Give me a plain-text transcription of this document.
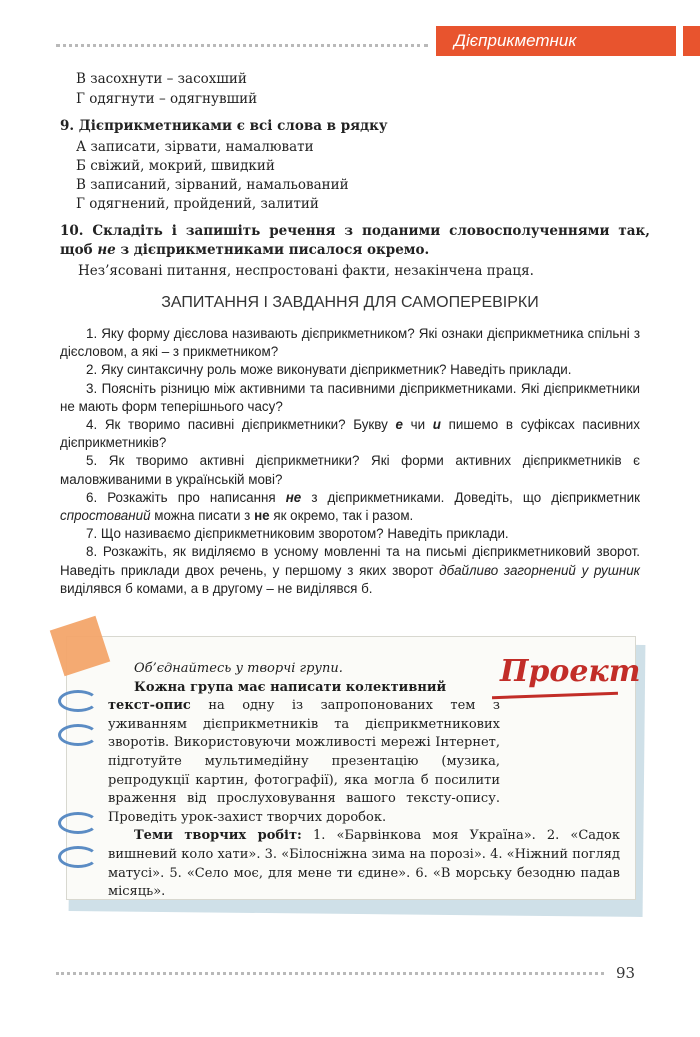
Дієприкметник
В засохнути – засохший
Г одягнути – одягнувший
9. Дієприкметниками є всі слова в рядку
А записати, зірвати, намалювати
Б свіжий, мокрий, швидкий
В записаний, зірваний, намальований
Г одягнений, пройдений, залитий
10. Складіть і запишіть речення з поданими словосполученнями так, щоб не з дієприкметниками писалося окремо.
Нез’ясовані питання, неспростовані факти, незакінчена праця.
ЗАПИТАННЯ І ЗАВДАННЯ ДЛЯ САМОПЕРЕВІРКИ

1. Яку форму дієслова називають дієприкметником? Які ознаки дієприкметника спільні з дієсловом, а які – з прикметником?

2. Яку синтаксичну роль може виконувати дієприкметник? Наведіть приклади.

3. Поясніть різницю між активними та пасивними дієприкметниками. Які дієприкметники не мають форм теперішнього часу?

4. Як творимо пасивні дієприкметники? Букву е чи и пишемо в суфіксах пасивних дієприкметників?

5. Як творимо активні дієприкметники? Які форми активних дієприкметників є маловживаними в українській мові?

6. Розкажіть про написання не з дієприкметниками. Доведіть, що дієприкметник спростований можна писати з не як окремо, так і разом.

7. Що називаємо дієприкметниковим зворотом? Наведіть приклади.

8. Розкажіть, як виділяємо в усному мовленні та на письмі дієприкметниковий зворот. Наведіть приклади двох речень, у першому з яких зворот дбайливо загорнений у рушник виділявся б комами, а в другому – не виділявся б.

Проект

Об’єднайтесь у творчі групи.

Кожна група має написати колективний

текст-опис на одну із запропонованих тем з уживанням дієприкметників та дієприкметникових зворотів. Використовуючи можливості мережі Інтернет, підготуйте мультимедійну презентацію (музика, репродукції картин, фотографії), яка могла б посилити враження від прослуховування вашого тексту-опису. Проведіть урок-захист творчих доробок.

Теми творчих робіт: 1. «Барвінкова моя Україна». 2. «Садок вишневий коло хати». 3. «Білосніжна зима на порозі». 4. «Ніжний погляд матусі». 5. «Село моє, для мене ти єдине». 6. «В морську безодню падав місяць».

93
